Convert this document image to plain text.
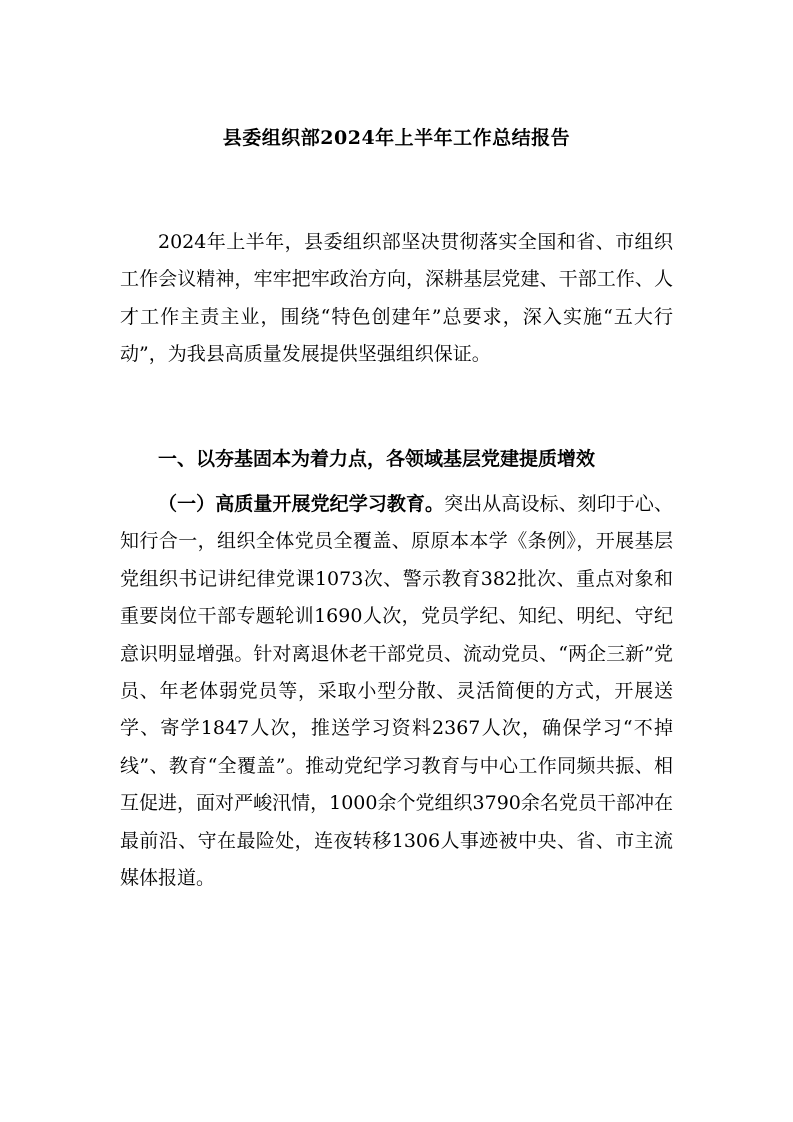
县委组织部2024年上半年工作总结报告

2024年上半年，县委组织部坚决贯彻落实全国和省、市组织工作会议精神，牢牢把牢政治方向，深耕基层党建、干部工作、人才工作主责主业，围绕“特色创建年”总要求，深入实施“五大行动”，为我县高质量发展提供坚强组织保证。

一、以夯基固本为着力点，各领域基层党建提质增效

（一）高质量开展党纪学习教育。突出从高设标、刻印于心、知行合一，组织全体党员全覆盖、原原本本学《条例》，开展基层党组织书记讲纪律党课1073次、警示教育382批次、重点对象和重要岗位干部专题轮训1690人次，党员学纪、知纪、明纪、守纪意识明显增强。针对离退休老干部党员、流动党员、“两企三新”党员、年老体弱党员等，采取小型分散、灵活简便的方式，开展送学、寄学1847人次，推送学习资料2367人次，确保学习“不掉线”、教育“全覆盖”。推动党纪学习教育与中心工作同频共振、相互促进，面对严峻汛情，1000余个党组织3790余名党员干部冲在最前沿、守在最险处，连夜转移1306人事迹被中央、省、市主流媒体报道。
